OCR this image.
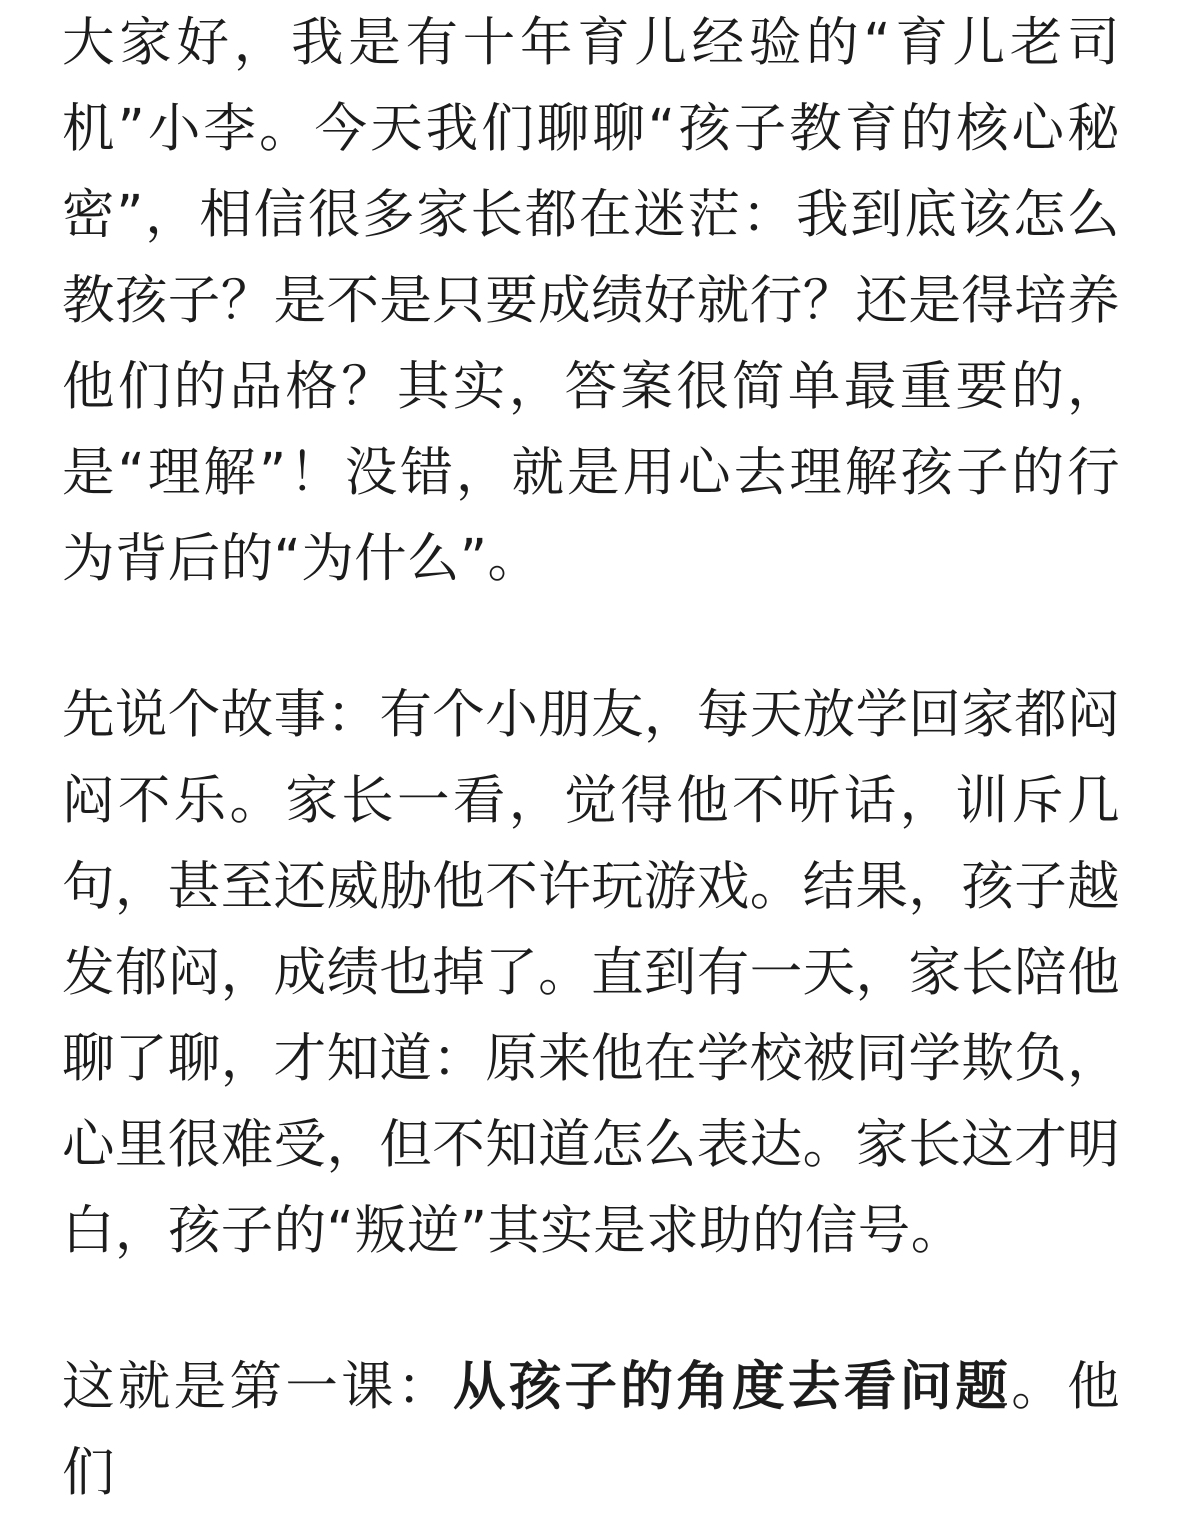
大家好，我是有十年育儿经验的“育儿老司机”小李。今天我们聊聊“孩子教育的核心秘密”，相信很多家长都在迷茫：我到底该怎么教孩子？是不是只要成绩好就行？还是得培养他们的品格？其实，答案很简单最重要的，是“理解”！没错，就是用心去理解孩子的行为背后的“为什么”。

先说个故事：有个小朋友，每天放学回家都闷闷不乐。家长一看，觉得他不听话，训斥几句，甚至还威胁他不许玩游戏。结果，孩子越发郁闷，成绩也掉了。直到有一天，家长陪他聊了聊，才知道：原来他在学校被同学欺负，心里很难受，但不知道怎么表达。家长这才明白，孩子的“叛逆”其实是求助的信号。

这就是第一课：从孩子的角度去看问题。他们
